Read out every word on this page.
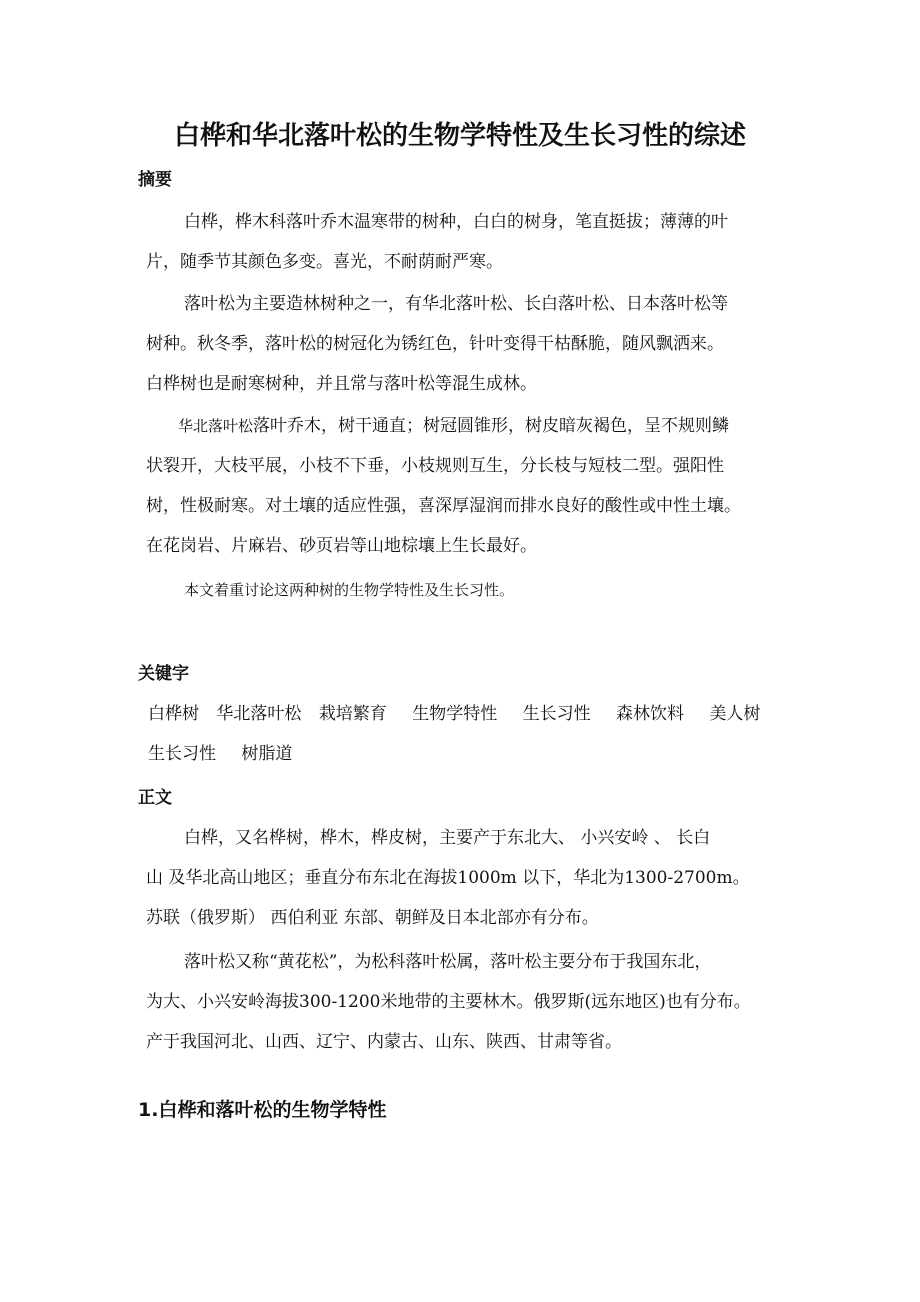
白桦和华北落叶松的生物学特性及生长习性的综述
摘要
白桦，桦木科落叶乔木温寒带的树种，白白的树身，笔直挺拔；薄薄的叶
片，随季节其颜色多变。喜光，不耐荫耐严寒。
落叶松为主要造林树种之一，有华北落叶松、长白落叶松、日本落叶松等
树种。秋冬季，落叶松的树冠化为锈红色，针叶变得干枯酥脆，随风飘洒来。
白桦树也是耐寒树种，并且常与落叶松等混生成林。
华北落叶松落叶乔木，树干通直；树冠圆锥形，树皮暗灰褐色，呈不规则鳞
状裂开，大枝平展，小枝不下垂，小枝规则互生，分长枝与短枝二型。强阳性
树，性极耐寒。对土壤的适应性强，喜深厚湿润而排水良好的酸性或中性土壤。
在花岗岩、片麻岩、砂页岩等山地棕壤上生长最好。
本文着重讨论这两种树的生物学特性及生长习性。
关键字
白桦树 华北落叶松 栽培繁育 生物学特性 生长习性 森林饮料 美人树
生长习性 树脂道
正文
白桦，又名桦树，桦木，桦皮树，主要产于东北大、 小兴安岭 、 长白
山 及华北高山地区；垂直分布东北在海拔1000m 以下，华北为1300-2700m。
苏联（俄罗斯） 西伯利亚 东部、朝鲜及日本北部亦有分布。
落叶松又称“黄花松”，为松科落叶松属，落叶松主要分布于我国东北，
为大、小兴安岭海拔300-1200米地带的主要林木。俄罗斯(远东地区)也有分布。
产于我国河北、山西、辽宁、内蒙古、山东、陕西、甘肃等省。
1.白桦和落叶松的生物学特性
